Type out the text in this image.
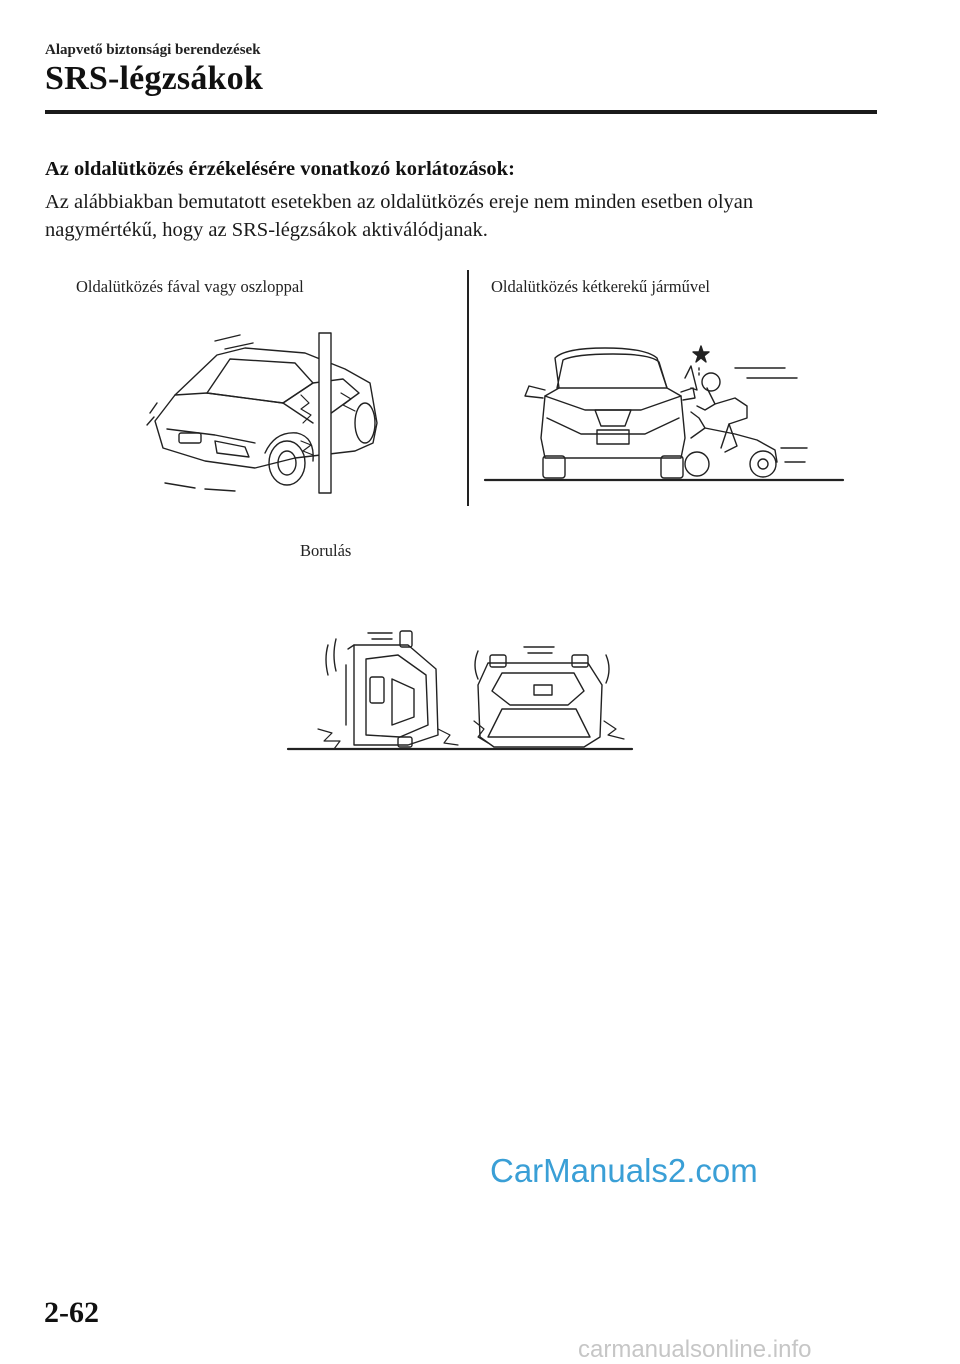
Alapvető biztonsági berendezések
SRS-légzsákok
Az oldalütközés érzékelésére vonatkozó korlátozások:
Az alábbiakban bemutatott esetekben az oldalütközés ereje nem minden esetben olyan nagymértékű, hogy az SRS-légzsákok aktiválódjanak.
Oldalütközés fával vagy oszloppal	Oldalütközés kétkerekű járművel
Borulás
2-62
CarManuals2.com
carmanualsonline.info
